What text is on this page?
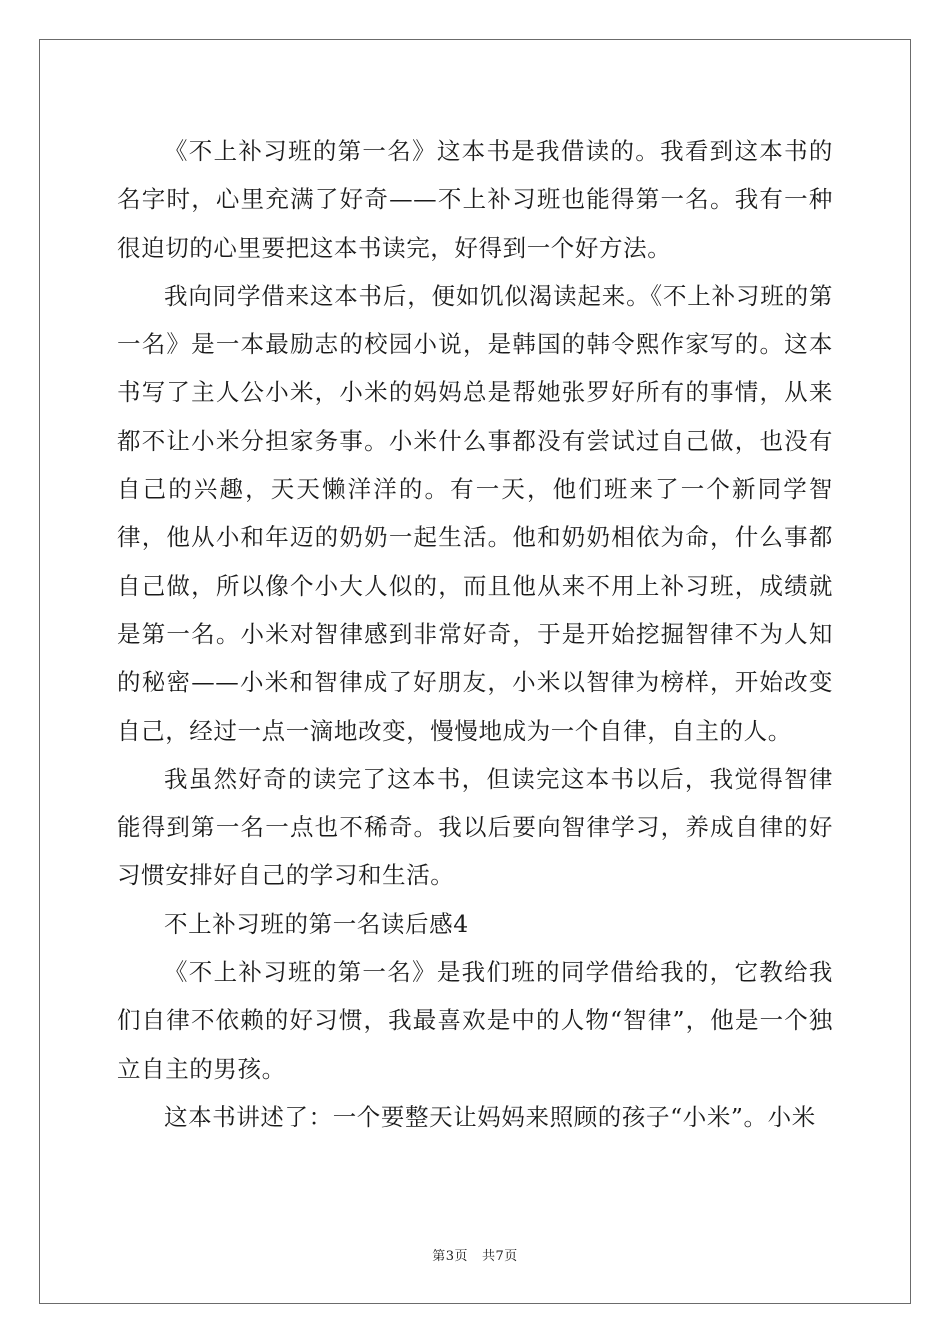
《不上补习班的第一名》这本书是我借读的。我看到这本书的名字时，心里充满了好奇——不上补习班也能得第一名。我有一种很迫切的心里要把这本书读完，好得到一个好方法。

我向同学借来这本书后，便如饥似渴读起来。《不上补习班的第一名》是一本最励志的校园小说，是韩国的韩令熙作家写的。这本书写了主人公小米，小米的妈妈总是帮她张罗好所有的事情，从来都不让小米分担家务事。小米什么事都没有尝试过自己做，也没有自己的兴趣，天天懒洋洋的。有一天，他们班来了一个新同学智律，他从小和年迈的奶奶一起生活。他和奶奶相依为命，什么事都自己做，所以像个小大人似的，而且他从来不用上补习班，成绩就是第一名。小米对智律感到非常好奇，于是开始挖掘智律不为人知的秘密——小米和智律成了好朋友，小米以智律为榜样，开始改变自己，经过一点一滴地改变，慢慢地成为一个自律，自主的人。

我虽然好奇的读完了这本书，但读完这本书以后，我觉得智律能得到第一名一点也不稀奇。我以后要向智律学习，养成自律的好习惯安排好自己的学习和生活。

不上补习班的第一名读后感4

《不上补习班的第一名》是我们班的同学借给我的，它教给我们自律不依赖的好习惯，我最喜欢是中的人物“智律”，他是一个独立自主的男孩。

这本书讲述了：一个要整天让妈妈来照顾的孩子“小米”。小米

第3页 共7页
